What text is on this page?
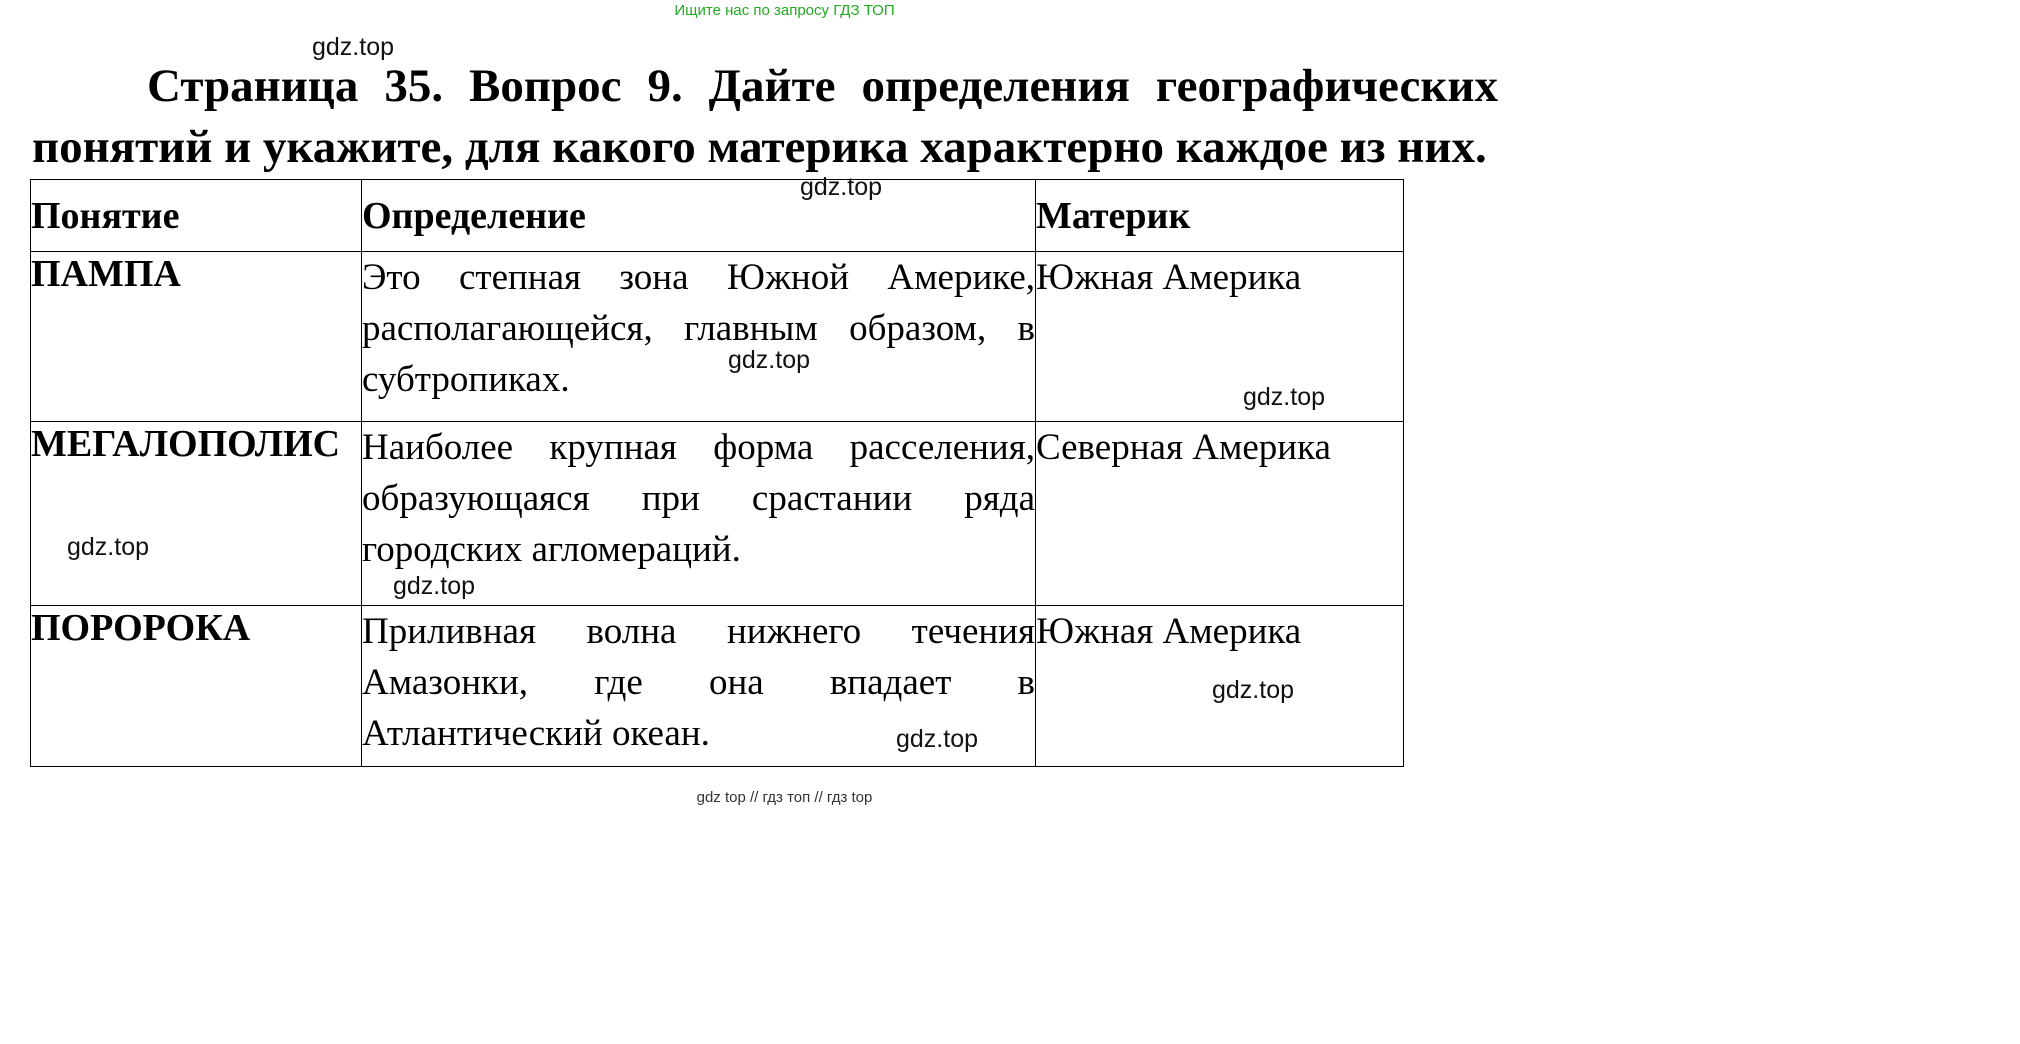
Ищите нас по запросу ГДЗ ТОП
gdz.top
Страница 35. Вопрос 9. Дайте определения географических
понятий и укажите, для какого материка характерно каждое из них.
Понятие	Определение	Материк
ПАМПА	Это степная зона Южной Америке, располагающейся, главным образом, в субтропиках.	Южная Америка
МЕГАЛОПОЛИС	Наиболее крупная форма расселения, образующаяся при срастании ряда городских агломераций.	Северная Америка
ПОРОРОКА	Приливная волна нижнего течения Амазонки, где она впадает в Атлантический океан.	Южная Америка
gdz.top
gdz.top
gdz.top
gdz.top
gdz.top
gdz.top
gdz.top
gdz top // гдз топ // гдз top
